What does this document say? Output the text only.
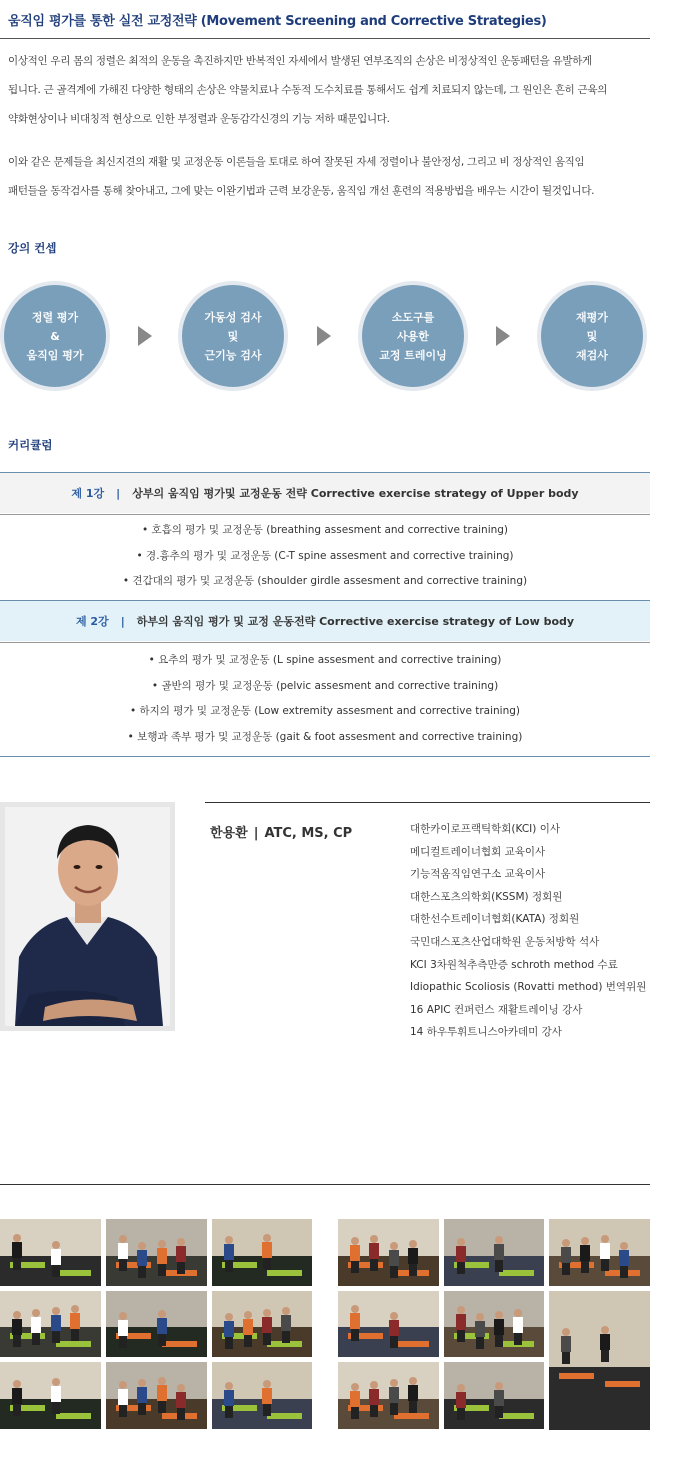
움직임 평가를 통한 실전 교정전략 (Movement Screening and Corrective Strategies)
이상적인 우리 몸의 정렬은 최적의 운동을 촉진하지만 반복적인 자세에서 발생된 연부조직의 손상은 비정상적인 운동패턴을 유발하게
됩니다. 근 골격계에 가해진 다양한 형태의 손상은 약물치료나 수동적 도수치료를 통해서도 쉽게 치료되지 않는데, 그 원인은 흔히 근육의
약화현상이나 비대칭적 현상으로 인한 부정렬과 운동감각신경의 기능 저하 때문입니다.
이와 같은 문제들을 최신지견의 재활 및 교정운동 이론들을 토대로 하여 잘못된 자세 정렬이나 불안정성, 그리고 비 정상적인 움직임
패턴들을 동작검사를 통해 찾아내고, 그에 맞는 이완기법과 근력 보강운동, 움직임 개선 훈련의 적용방법을 배우는 시간이 될것입니다.
강의 컨셉
정렬 평가
&
움직임 평가
가동성 검사
및
근기능 검사
소도구를
사용한
교정 트레이닝
재평가
및
재검사
커리큘럼
제 1강 | 상부의 움직임 평가및 교정운동 전략 Corrective exercise strategy of Upper body
• 호흡의 평가 및 교정운동 (breathing assesment and corrective training)
• 경.흉추의 평가 및 교정운동 (C-T spine assesment and corrective training)
• 견갑대의 평가 및 교정운동 (shoulder girdle assesment and corrective training)
제 2강 | 하부의 움직임 평가 및 교정 운동전략 Corrective exercise strategy of Low body
• 요추의 평가 및 교정운동 (L spine assesment and corrective training)
• 골반의 평가 및 교정운동 (pelvic assesment and corrective training)
• 하지의 평가 및 교정운동 (Low extremity assesment and corrective training)
• 보행과 족부 평가 및 교정운동 (gait & foot assesment and corrective training)
한용환 | ATC, MS, CP	대한카이로프랙틱학회(KCI) 이사
메디컬트레이너협회 교육이사
기능적움직임연구소 교육이사
대한스포츠의학회(KSSM) 정회원
대한선수트레이너협회(KATA) 정회원
국민대스포츠산업대학원 운동처방학 석사
KCI 3차원척추측만증 schroth method 수료
Idiopathic Scoliosis (Rovatti method) 번역위원
16 APIC 컨퍼런스 재활트레이닝 강사
14 하우투휘트니스아카데미 강사
